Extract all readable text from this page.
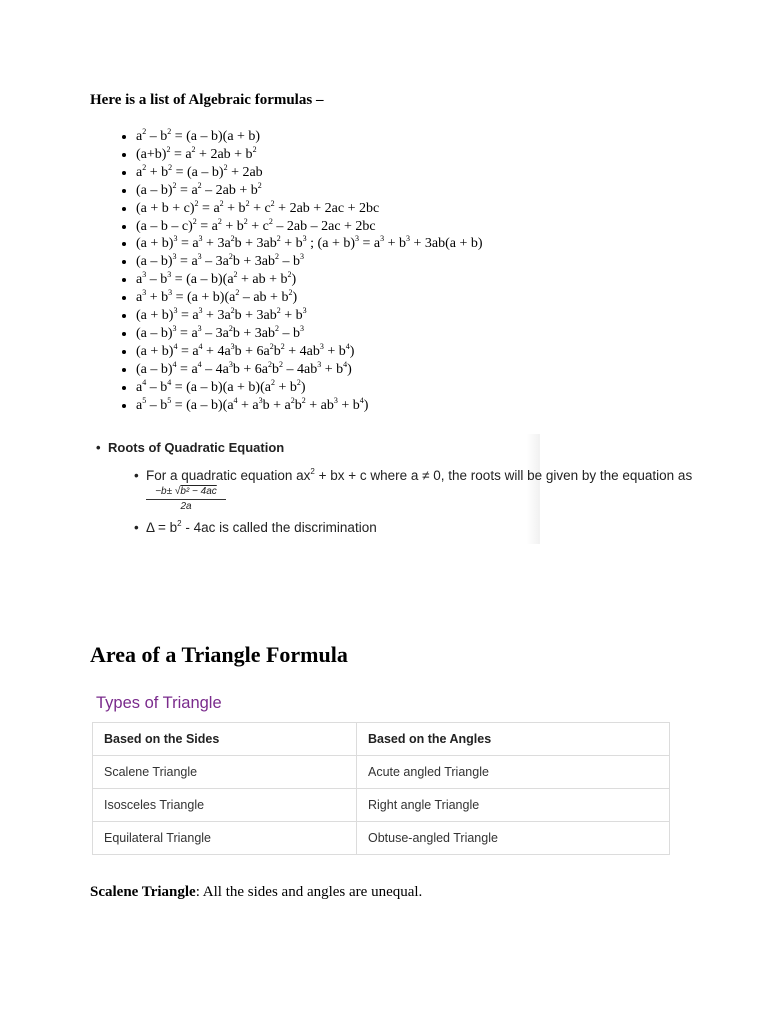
Here is a list of Algebraic formulas –
• $a^2 - b^2 = (a - b)(a + b)$
• $(a+b)^2 = a^2 + 2ab + b^2$
• $a^2 + b^2 = (a - b)^2 + 2ab$
• $(a - b)^2 = a^2 - 2ab + b^2$
• $(a + b + c)^2 = a^2 + b^2 + c^2 + 2ab + 2ac + 2bc$
• $(a - b - c)^2 = a^2 + b^2 + c^2 - 2ab - 2ac + 2bc$
• $(a + b)^3 = a^3 + 3a^2b + 3ab^2 + b^3$ ; $(a + b)^3 = a^3 + b^3 + 3ab(a + b)$
• $(a - b)^3 = a^3 - 3a^2b + 3ab^2 - b^3$
• $a^3 - b^3 = (a - b)(a^2$ + ab + $b^2$)
• $a^3 + b^3 = (a + b)(a^2$ – ab + $b^2$)
• $(a + b)^3 = a^3 + 3a^2b + 3ab^2 + b^3$
• $(a - b)^3 = a^3 - 3a^2b + 3ab^2 - b^3$
• $(a + b)^4 = a^4 + 4a^3b + 6a^2b^2 + 4ab^3 + b^4$)
• $(a - b)^4 = a^4 - 4a^3b + 6a^2b^2 - 4ab^3 + b^4$)
• $a^4 - b^4 = (a - b)(a + b)(a^2 + b^2)$
• $a^5 - b^5 = (a - b)(a^4 + a^3b + a^2b^2 + ab^3 + b^4)$
• Roots of Quadratic Equation
• For a quadratic equation $ax^2$ + bx + c where a ≠ 0, the roots will be given by the equation as
$\frac{\text{−b± √b² − 4ac}}{2a}$
• $\Delta = b^2 - 4ac$ is called the discrimination
Area of a Triangle Formula
Types of Triangle
Based on the Sides	Based on the Angles
Scalene Triangle	Acute angled Triangle
Isosceles Triangle	Right angle Triangle
Equilateral Triangle	Obtuse-angled Triangle

Scalene Triangle: All the sides and angles are unequal.
